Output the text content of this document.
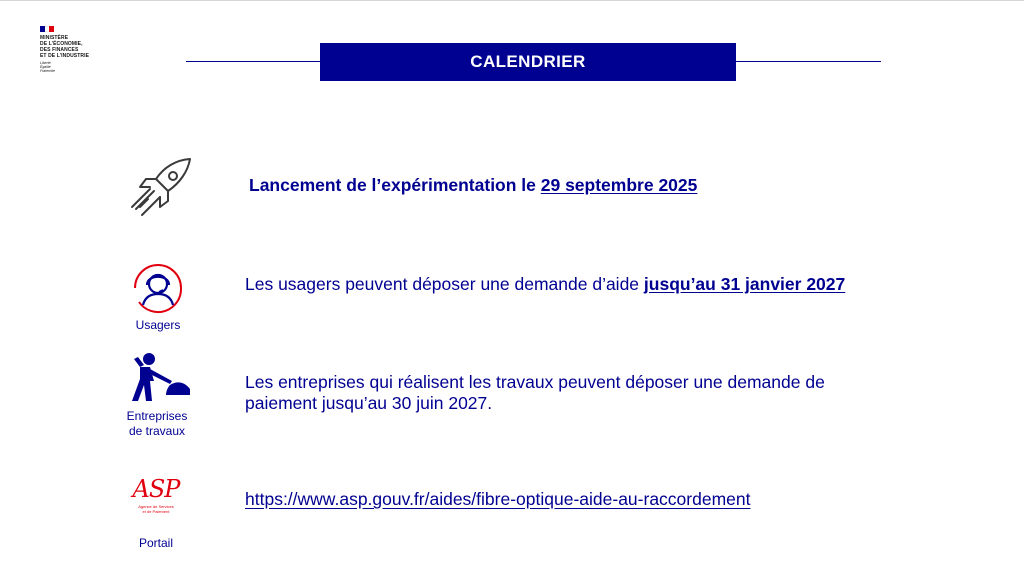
MINISTÈRE
DE L'ÉCONOMIE,
DES FINANCES
ET DE L'INDUSTRIE
Liberté
Égalité
Fraternité	CALENDRIER
Lancement de l’expérimentation le 29 septembre 2025
Usagers
Les usagers peuvent déposer une demande d’aide jusqu’au 31 janvier 2027
Entreprises
de travaux
Les entreprises qui réalisent les travaux peuvent déposer une demande de
paiement jusqu’au 30 juin 2027.
ASP
Agence de Services
et de Paiement
Portail
https://www.asp.gouv.fr/aides/fibre-optique-aide-au-raccordement
